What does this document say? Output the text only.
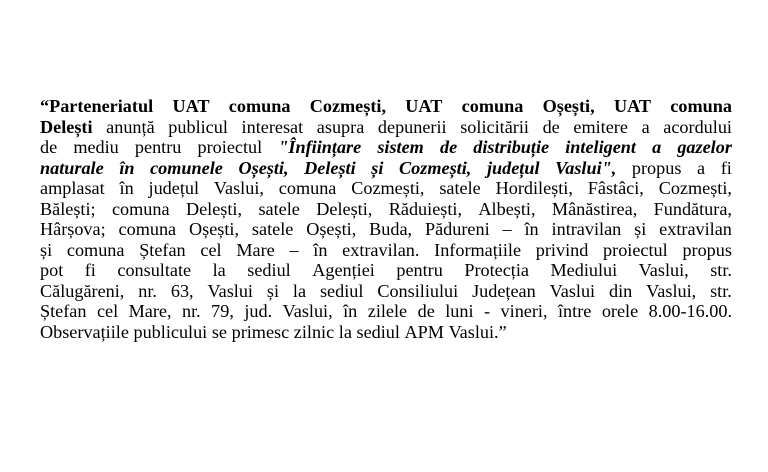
“Parteneriatul UAT comuna Cozmești, UAT comuna Oșești, UAT comuna
Delești anunță publicul interesat asupra depunerii solicitării de emitere a acordului
de mediu pentru proiectul "Înființare sistem de distribuție inteligent a gazelor
naturale în comunele Oșești, Delești și Cozmești, județul Vaslui", propus a fi
amplasat în județul Vaslui, comuna Cozmești, satele Hordilești, Fâstâci, Cozmești,
Bălești; comuna Delești, satele Delești, Răduiești, Albești, Mânăstirea, Fundătura,
Hârșova; comuna Oșești, satele Oșești, Buda, Pădureni – în intravilan și extravilan
și comuna Ștefan cel Mare – în extravilan. Informațiile privind proiectul propus
pot fi consultate la sediul Agenției pentru Protecția Mediului Vaslui, str.
Călugăreni, nr. 63, Vaslui și la sediul Consiliului Județean Vaslui din Vaslui, str.
Ștefan cel Mare, nr. 79, jud. Vaslui, în zilele de luni - vineri, între orele 8.00-16.00.
Observațiile publicului se primesc zilnic la sediul APM Vaslui.”
